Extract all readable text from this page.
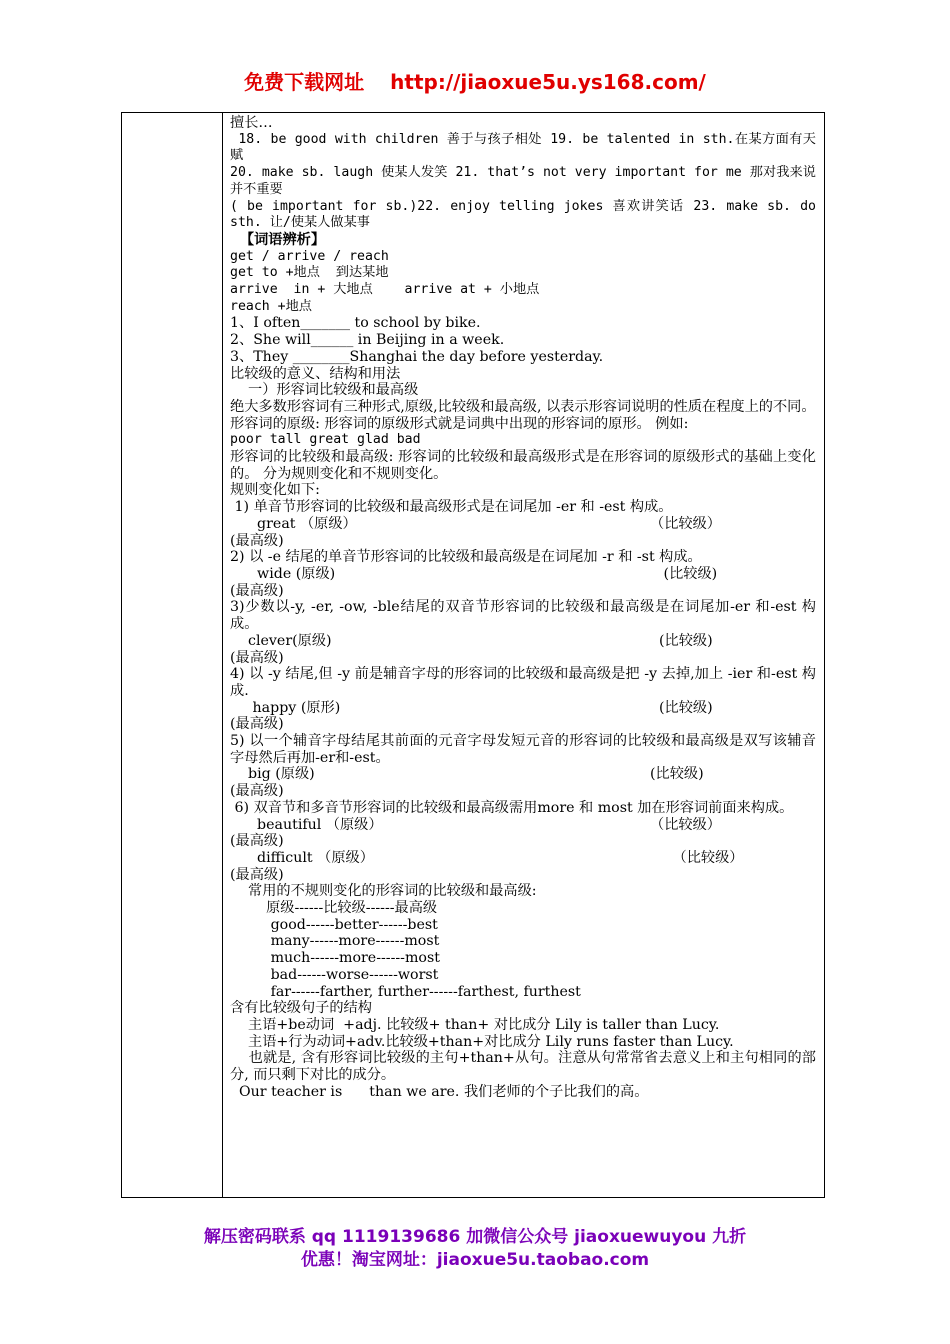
免费下载网址 http://jiaoxue5u.ys168.com/

擅长…

18. be good with children 善于与孩子相处 19. be talented in sth.在某方面有天赋

20. make sb. laugh 使某人发笑 21. that’s not very important for me 那对我来说并不重要

( be important for sb.)22. enjoy telling jokes 喜欢讲笑话 23. make sb. do sth. 让/使某人做某事

【词语辨析】

get / arrive / reach

get to +地点  到达某地

arrive  in + 大地点    arrive at + 小地点

reach +地点

1、I often_______ to school by bike.

2、She will______ in Beijing in a week.

3、They ________Shanghai the day before yesterday.

比较级的意义、结构和用法

一）形容词比较级和最高级

绝大多数形容词有三种形式,原级,比较级和最高级, 以表示形容词说明的性质在程度上的不同。

形容词的原级: 形容词的原级形式就是词典中出现的形容词的原形。 例如:

poor tall great glad bad

形容词的比较级和最高级: 形容词的比较级和最高级形式是在形容词的原级形式的基础上变化的。 分为规则变化和不规则变化。

规则变化如下:

1) 单音节形容词的比较级和最高级形式是在词尾加 -er 和 -est 构成。

great （原级）	（比较级）

(最高级)

2) 以 -e 结尾的单音节形容词的比较级和最高级是在词尾加 -r 和 -st 构成。

wide (原级)	(比较级)

(最高级)

3)少数以-y, -er, -ow, -ble结尾的双音节形容词的比较级和最高级是在词尾加-er 和-est 构成。

clever(原级)	(比较级)

(最高级)

4) 以 -y 结尾,但 -y 前是辅音字母的形容词的比较级和最高级是把 -y 去掉,加上 -ier 和-est 构成.

happy (原形)	(比较级)

(最高级)

5) 以一个辅音字母结尾其前面的元音字母发短元音的形容词的比较级和最高级是双写该辅音字母然后再加-er和-est。

big (原级)	(比较级)

(最高级)

6) 双音节和多音节形容词的比较级和最高级需用more 和 most 加在形容词前面来构成。

beautiful （原级）	（比较级）

(最高级)

difficult （原级）	（比较级）

(最高级)

常用的不规则变化的形容词的比较级和最高级:

原级------比较级------最高级

good------better------best

many------more------most

much------more------most

bad------worse------worst

far------farther, further------farthest, furthest

含有比较级句子的结构

主语+be动词  +adj. 比较级+ than+ 对比成分 Lily is taller than Lucy.

主语+行为动词+adv.比较级+than+对比成分 Lily runs faster than Lucy.

也就是, 含有形容词比较级的主句+than+从句。注意从句常常省去意义上和主句相同的部分, 而只剩下对比的成分。

Our teacher is      than we are. 我们老师的个子比我们的高。

解压密码联系 qq 1119139686 加微信公众号 jiaoxuewuyou 九折
优惠！淘宝网址：jiaoxue5u.taobao.com
